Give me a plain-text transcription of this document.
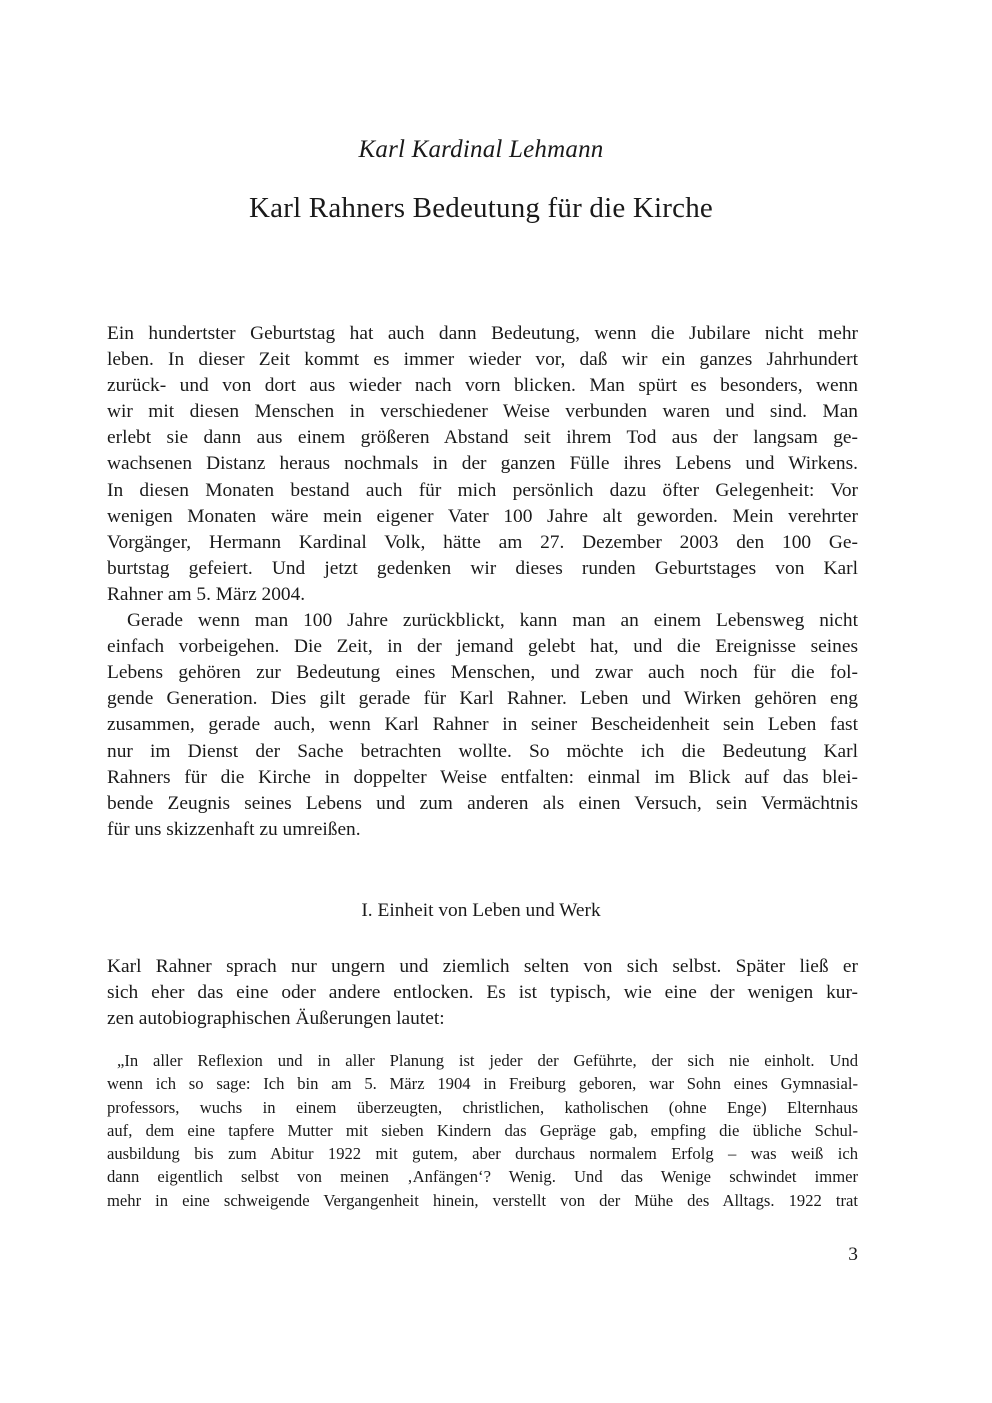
Karl Kardinal Lehmann
Karl Rahners Bedeutung für die Kirche
Ein hundertster Geburtstag hat auch dann Bedeutung, wenn die Jubilare nicht mehr
leben. In dieser Zeit kommt es immer wieder vor, daß wir ein ganzes Jahrhundert
zurück- und von dort aus wieder nach vorn blicken. Man spürt es besonders, wenn
wir mit diesen Menschen in verschiedener Weise verbunden waren und sind. Man
erlebt sie dann aus einem größeren Abstand seit ihrem Tod aus der langsam ge-
wachsenen Distanz heraus nochmals in der ganzen Fülle ihres Lebens und Wirkens.
In diesen Monaten bestand auch für mich persönlich dazu öfter Gelegenheit: Vor
wenigen Monaten wäre mein eigener Vater 100 Jahre alt geworden. Mein verehrter
Vorgänger, Hermann Kardinal Volk, hätte am 27. Dezember 2003 den 100 Ge-
burtstag gefeiert. Und jetzt gedenken wir dieses runden Geburtstages von Karl
Rahner am 5. März 2004.
Gerade wenn man 100 Jahre zurückblickt, kann man an einem Lebensweg nicht
einfach vorbeigehen. Die Zeit, in der jemand gelebt hat, und die Ereignisse seines
Lebens gehören zur Bedeutung eines Menschen, und zwar auch noch für die fol-
gende Generation. Dies gilt gerade für Karl Rahner. Leben und Wirken gehören eng
zusammen, gerade auch, wenn Karl Rahner in seiner Bescheidenheit sein Leben fast
nur im Dienst der Sache betrachten wollte. So möchte ich die Bedeutung Karl
Rahners für die Kirche in doppelter Weise entfalten: einmal im Blick auf das blei-
bende Zeugnis seines Lebens und zum anderen als einen Versuch, sein Vermächtnis
für uns skizzenhaft zu umreißen.
I. Einheit von Leben und Werk
Karl Rahner sprach nur ungern und ziemlich selten von sich selbst. Später ließ er
sich eher das eine oder andere entlocken. Es ist typisch, wie eine der wenigen kur-
zen autobiographischen Äußerungen lautet:
„In aller Reflexion und in aller Planung ist jeder der Geführte, der sich nie einholt. Und
wenn ich so sage: Ich bin am 5. März 1904 in Freiburg geboren, war Sohn eines Gymnasial-
professors, wuchs in einem überzeugten, christlichen, katholischen (ohne Enge) Elternhaus
auf, dem eine tapfere Mutter mit sieben Kindern das Gepräge gab, empfing die übliche Schul-
ausbildung bis zum Abitur 1922 mit gutem, aber durchaus normalem Erfolg – was weiß ich
dann eigentlich selbst von meinen ‚Anfängen‘? Wenig. Und das Wenige schwindet immer
mehr in eine schweigende Vergangenheit hinein, verstellt von der Mühe des Alltags. 1922 trat
3
